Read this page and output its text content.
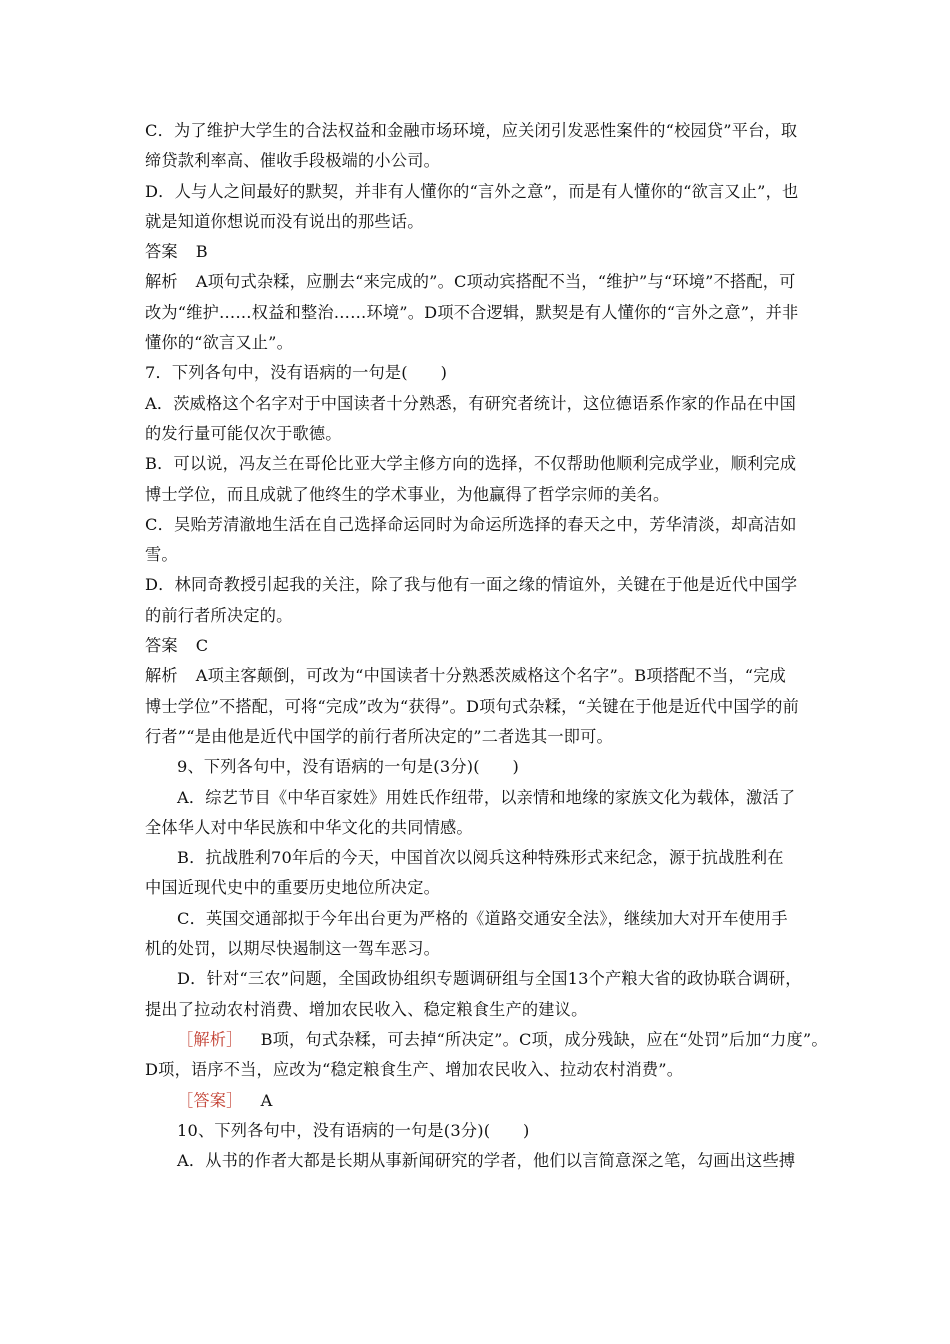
C．为了维护大学生的合法权益和金融市场环境，应关闭引发恶性案件的“校园贷”平台，取
缔贷款利率高、催收手段极端的小公司。
D．人与人之间最好的默契，并非有人懂你的“言外之意”，而是有人懂你的“欲言又止”，也
就是知道你想说而没有说出的那些话。
答案 B
解析 A项句式杂糅，应删去“来完成的”。C项动宾搭配不当，“维护”与“环境”不搭配，可
改为“维护……权益和整治……环境”。D项不合逻辑，默契是有人懂你的“言外之意”，并非
懂你的“欲言又止”。
7．下列各句中，没有语病的一句是(　　)
A．茨威格这个名字对于中国读者十分熟悉，有研究者统计，这位德语系作家的作品在中国
的发行量可能仅次于歌德。
B．可以说，冯友兰在哥伦比亚大学主修方向的选择，不仅帮助他顺利完成学业，顺利完成
博士学位，而且成就了他终生的学术事业，为他赢得了哲学宗师的美名。
C．吴贻芳清澈地生活在自己选择命运同时为命运所选择的春天之中，芳华清淡，却高洁如
雪。
D．林同奇教授引起我的关注，除了我与他有一面之缘的情谊外，关键在于他是近代中国学
的前行者所决定的。
答案 C
解析 A项主客颠倒，可改为“中国读者十分熟悉茨威格这个名字”。B项搭配不当，“完成
博士学位”不搭配，可将“完成”改为“获得”。D项句式杂糅，“关键在于他是近代中国学的前
行者”“是由他是近代中国学的前行者所决定的”二者选其一即可。
9、下列各句中，没有语病的一句是(3分)(　　)
A．综艺节目《中华百家姓》用姓氏作纽带，以亲情和地缘的家族文化为载体，激活了
全体华人对中华民族和中华文化的共同情感。
B．抗战胜利70年后的今天，中国首次以阅兵这种特殊形式来纪念，源于抗战胜利在
中国近现代史中的重要历史地位所决定。
C．英国交通部拟于今年出台更为严格的《道路交通安全法》，继续加大对开车使用手
机的处罚，以期尽快遏制这一驾车恶习。
D．针对“三农”问题，全国政协组织专题调研组与全国13个产粮大省的政协联合调研，
提出了拉动农村消费、增加农民收入、稳定粮食生产的建议。
［解析］ B项，句式杂糅，可去掉“所决定”。C项，成分残缺，应在“处罚”后加“力度”。
D项，语序不当，应改为“稳定粮食生产、增加农民收入、拉动农村消费”。
［答案］ A
10、下列各句中，没有语病的一句是(3分)(　　)
A．从书的作者大都是长期从事新闻研究的学者，他们以言简意深之笔，勾画出这些搏
